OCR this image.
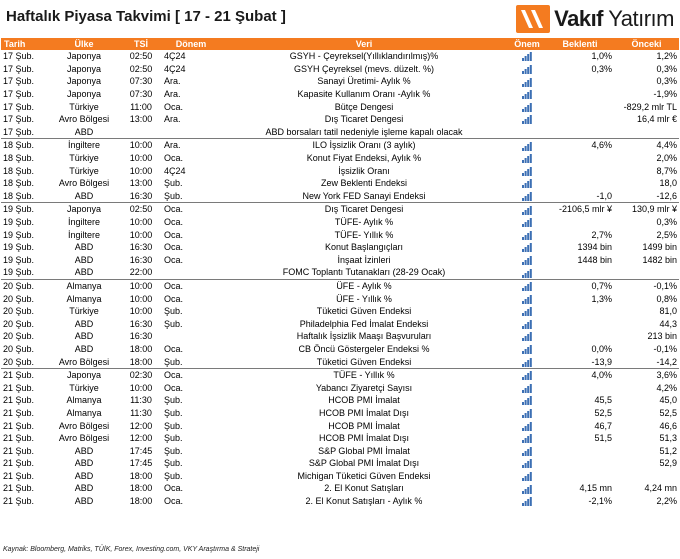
Haftalık Piyasa Takvimi [ 17 - 21 Şubat ]	Vakıf Yatırım
Tarih	Ülke	TSİ	Dönem	Veri	Önem	Beklenti	Önceki
17 Şub.	Japonya	02:50	4Ç24	GSYH - Çeyreksel(Yıllıklandırılmış)%		1,0%	1,2%
17 Şub.	Japonya	02:50	4Ç24	GSYH Çeyreksel (mevs. düzelt. %)		0,3%	0,3%
17 Şub.	Japonya	07:30	Ara.	Sanayi Üretimi- Aylık %			0,3%
17 Şub.	Japonya	07:30	Ara.	Kapasite Kullanım Oranı -Aylık %			-1,9%
17 Şub.	Türkiye	11:00	Oca.	Bütçe Dengesi			-829,2 mlr TL
17 Şub.	Avro Bölgesi	13:00	Ara.	Dış Ticaret Dengesi			16,4 mlr €
17 Şub.	ABD			ABD borsaları tatil nedeniyle işleme kapalı olacak			
18 Şub.	İngiltere	10:00	Ara.	ILO İşsizlik Oranı (3 aylık)		4,6%	4,4%
18 Şub.	Türkiye	10:00	Oca.	Konut Fiyat Endeksi, Aylık %			2,0%
18 Şub.	Türkiye	10:00	4Ç24	İşsizlik Oranı			8,7%
18 Şub.	Avro Bölgesi	13:00	Şub.	Zew Beklenti Endeksi			18,0
18 Şub.	ABD	16:30	Şub.	New York FED Sanayi Endeksi		-1,0	-12,6
19 Şub.	Japonya	02:50	Oca.	Dış Ticaret Dengesi		-2106,5 mlr ¥	130,9 mlr ¥
19 Şub.	İngiltere	10:00	Oca.	TÜFE- Aylık %			0,3%
19 Şub.	İngiltere	10:00	Oca.	TÜFE- Yıllık %		2,7%	2,5%
19 Şub.	ABD	16:30	Oca.	Konut Başlangıçları		1394 bin	1499 bin
19 Şub.	ABD	16:30	Oca.	İnşaat İzinleri		1448 bin	1482 bin
19 Şub.	ABD	22:00		FOMC Toplantı Tutanakları (28-29 Ocak)			
20 Şub.	Almanya	10:00	Oca.	ÜFE - Aylık %		0,7%	-0,1%
20 Şub.	Almanya	10:00	Oca.	ÜFE - Yıllık %		1,3%	0,8%
20 Şub.	Türkiye	10:00	Şub.	Tüketici Güven Endeksi			81,0
20 Şub.	ABD	16:30	Şub.	Philadelphia Fed İmalat Endeksi			44,3
20 Şub.	ABD	16:30		Haftalık İşsizlik Maaşı Başvuruları			213 bin
20 Şub.	ABD	18:00	Oca.	CB Öncü Göstergeler Endeksi %		0,0%	-0,1%
20 Şub.	Avro Bölgesi	18:00	Şub.	Tüketici Güven Endeksi		-13,9	-14,2
21 Şub.	Japonya	02:30	Oca.	TÜFE - Yıllık %		4,0%	3,6%
21 Şub.	Türkiye	10:00	Oca.	Yabancı Ziyaretçi Sayısı			4,2%
21 Şub.	Almanya	11:30	Şub.	HCOB PMI İmalat		45,5	45,0
21 Şub.	Almanya	11:30	Şub.	HCOB PMI İmalat Dışı		52,5	52,5
21 Şub.	Avro Bölgesi	12:00	Şub.	HCOB PMI İmalat		46,7	46,6
21 Şub.	Avro Bölgesi	12:00	Şub.	HCOB PMI İmalat Dışı		51,5	51,3
21 Şub.	ABD	17:45	Şub.	S&P Global PMI İmalat			51,2
21 Şub.	ABD	17:45	Şub.	S&P Global PMI İmalat Dışı			52,9
21 Şub.	ABD	18:00	Şub.	Michigan Tüketici Güven Endeksi			
21 Şub.	ABD	18:00	Oca.	2. El Konut Satışları		4,15 mn	4,24 mn
21 Şub.	ABD	18:00	Oca.	2. El Konut Satışları - Aylık %		-2,1%	2,2%
Kaynak: Bloomberg, Matriks, TÜİK, Forex, Investing.com, VKY Araştırma & Strateji
